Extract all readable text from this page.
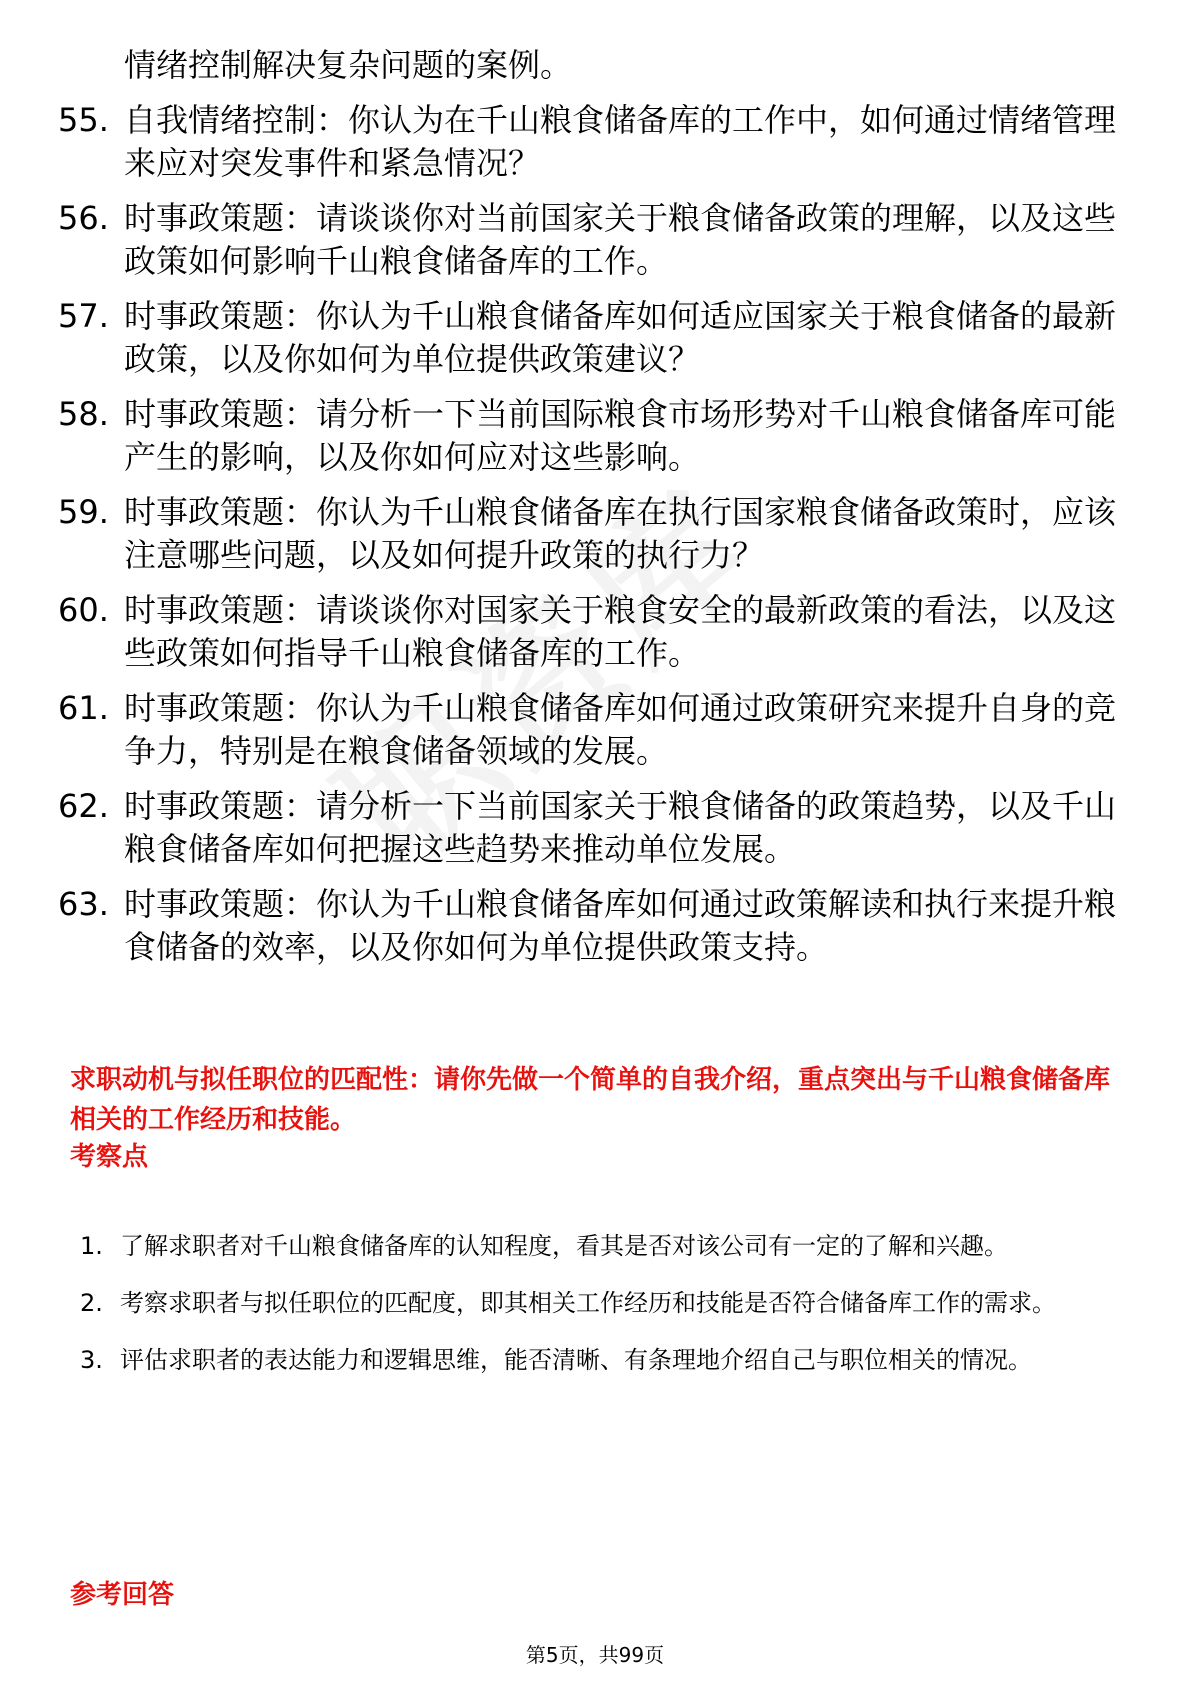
情绪控制解决复杂问题的案例。
55. 自我情绪控制：你认为在千山粮食储备库的工作中，如何通过情绪管理来应对突发事件和紧急情况？
56. 时事政策题：请谈谈你对当前国家关于粮食储备政策的理解，以及这些政策如何影响千山粮食储备库的工作。
57. 时事政策题：你认为千山粮食储备库如何适应国家关于粮食储备的最新政策，以及你如何为单位提供政策建议？
58. 时事政策题：请分析一下当前国际粮食市场形势对千山粮食储备库可能产生的影响，以及你如何应对这些影响。
59. 时事政策题：你认为千山粮食储备库在执行国家粮食储备政策时，应该注意哪些问题，以及如何提升政策的执行力？
60. 时事政策题：请谈谈你对国家关于粮食安全的最新政策的看法，以及这些政策如何指导千山粮食储备库的工作。
61. 时事政策题：你认为千山粮食储备库如何通过政策研究来提升自身的竞争力，特别是在粮食储备领域的发展。
62. 时事政策题：请分析一下当前国家关于粮食储备的政策趋势，以及千山粮食储备库如何把握这些趋势来推动单位发展。
63. 时事政策题：你认为千山粮食储备库如何通过政策解读和执行来提升粮食储备的效率，以及你如何为单位提供政策支持。

求职动机与拟任职位的匹配性：请你先做一个简单的自我介绍，重点突出与千山粮食储备库相关的工作经历和技能。

考察点

1. 了解求职者对千山粮食储备库的认知程度，看其是否对该公司有一定的了解和兴趣。
2. 考察求职者与拟任职位的匹配度，即其相关工作经历和技能是否符合储备库工作的需求。
3. 评估求职者的表达能力和逻辑思维，能否清晰、有条理地介绍自己与职位相关的情况。

参考回答

第5页，共99页
